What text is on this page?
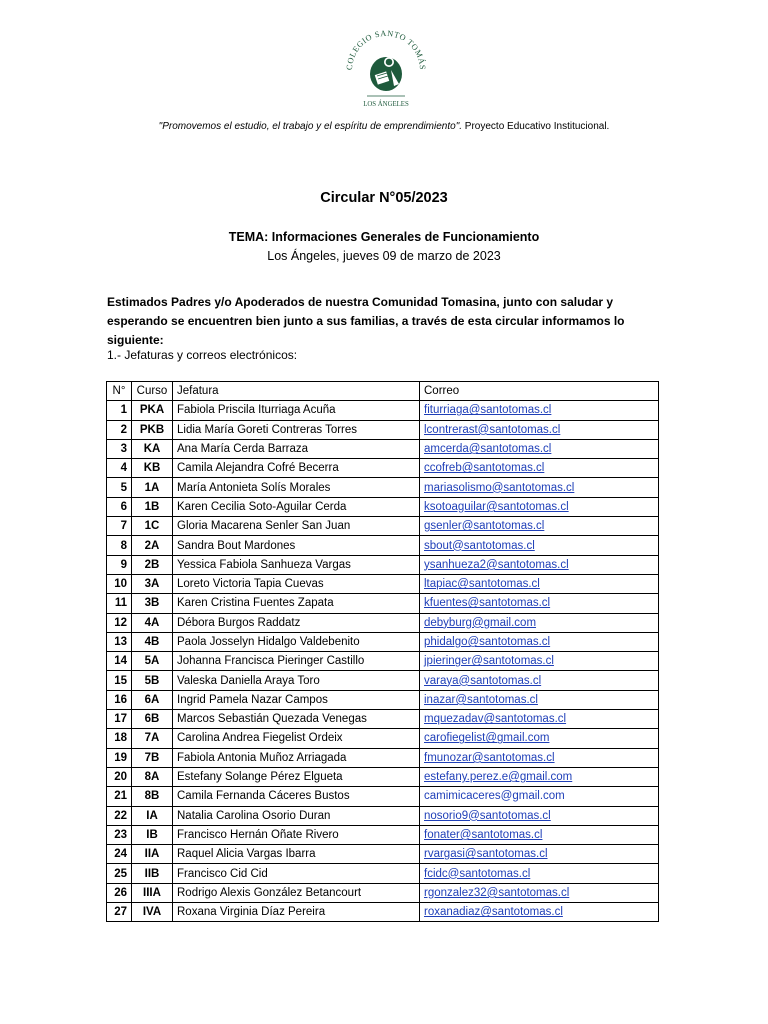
COLEGIO SANTO TOMÁS
LOS ÁNGELES
"Promovemos el estudio, el trabajo y el espíritu de emprendimiento". Proyecto Educativo Institucional.
Circular N°05/2023
TEMA: Informaciones Generales de Funcionamiento
Los Ángeles, jueves 09 de marzo de 2023

Estimados Padres y/o Apoderados de nuestra Comunidad Tomasina, junto con saludar y esperando se encuentren bien junto a sus familias, a través de esta circular informamos lo siguiente:

1.- Jefaturas y correos electrónicos:

N°	Curso	Jefatura	Correo
1	PKA	Fabiola Priscila Iturriaga Acuña	fiturriaga@santotomas.cl
2	PKB	Lidia María Goreti Contreras Torres	lcontrerast@santotomas.cl
3	KA	Ana María Cerda Barraza	amcerda@santotomas.cl
4	KB	Camila Alejandra Cofré Becerra	ccofreb@santotomas.cl
5	1A	María Antonieta Solís Morales	mariasolismo@santotomas.cl
6	1B	Karen Cecilia Soto-Aguilar Cerda	ksotoaguilar@santotomas.cl
7	1C	Gloria Macarena Senler San Juan	gsenler@santotomas.cl
8	2A	Sandra Bout Mardones	sbout@santotomas.cl
9	2B	Yessica Fabiola Sanhueza Vargas	ysanhueza2@santotomas.cl
10	3A	Loreto Victoria Tapia Cuevas	ltapiac@santotomas.cl
11	3B	Karen Cristina Fuentes Zapata	kfuentes@santotomas.cl
12	4A	Débora Burgos Raddatz	debyburg@gmail.com
13	4B	Paola Josselyn Hidalgo Valdebenito	phidalgo@santotomas.cl
14	5A	Johanna Francisca Pieringer Castillo	jpieringer@santotomas.cl
15	5B	Valeska Daniella Araya Toro	varaya@santotomas.cl
16	6A	Ingrid Pamela Nazar Campos	inazar@santotomas.cl
17	6B	Marcos Sebastián Quezada Venegas	mquezadav@santotomas.cl
18	7A	Carolina Andrea Fiegelist Ordeix	carofiegelist@gmail.com
19	7B	Fabiola Antonia Muñoz Arriagada	fmunozar@santotomas.cl
20	8A	Estefany Solange Pérez Elgueta	estefany.perez.e@gmail.com
21	8B	Camila Fernanda Cáceres Bustos	camimicaceres@gmail.com
22	IA	Natalia Carolina Osorio Duran	nosorio9@santotomas.cl
23	IB	Francisco Hernán Oñate Rivero	fonater@santotomas.cl
24	IIA	Raquel Alicia Vargas Ibarra	rvargasi@santotomas.cl
25	IIB	Francisco Cid Cid	fcidc@santotomas.cl
26	IIIA	Rodrigo Alexis González Betancourt	rgonzalez32@santotomas.cl
27	IVA	Roxana Virginia Díaz Pereira	roxanadiaz@santotomas.cl
